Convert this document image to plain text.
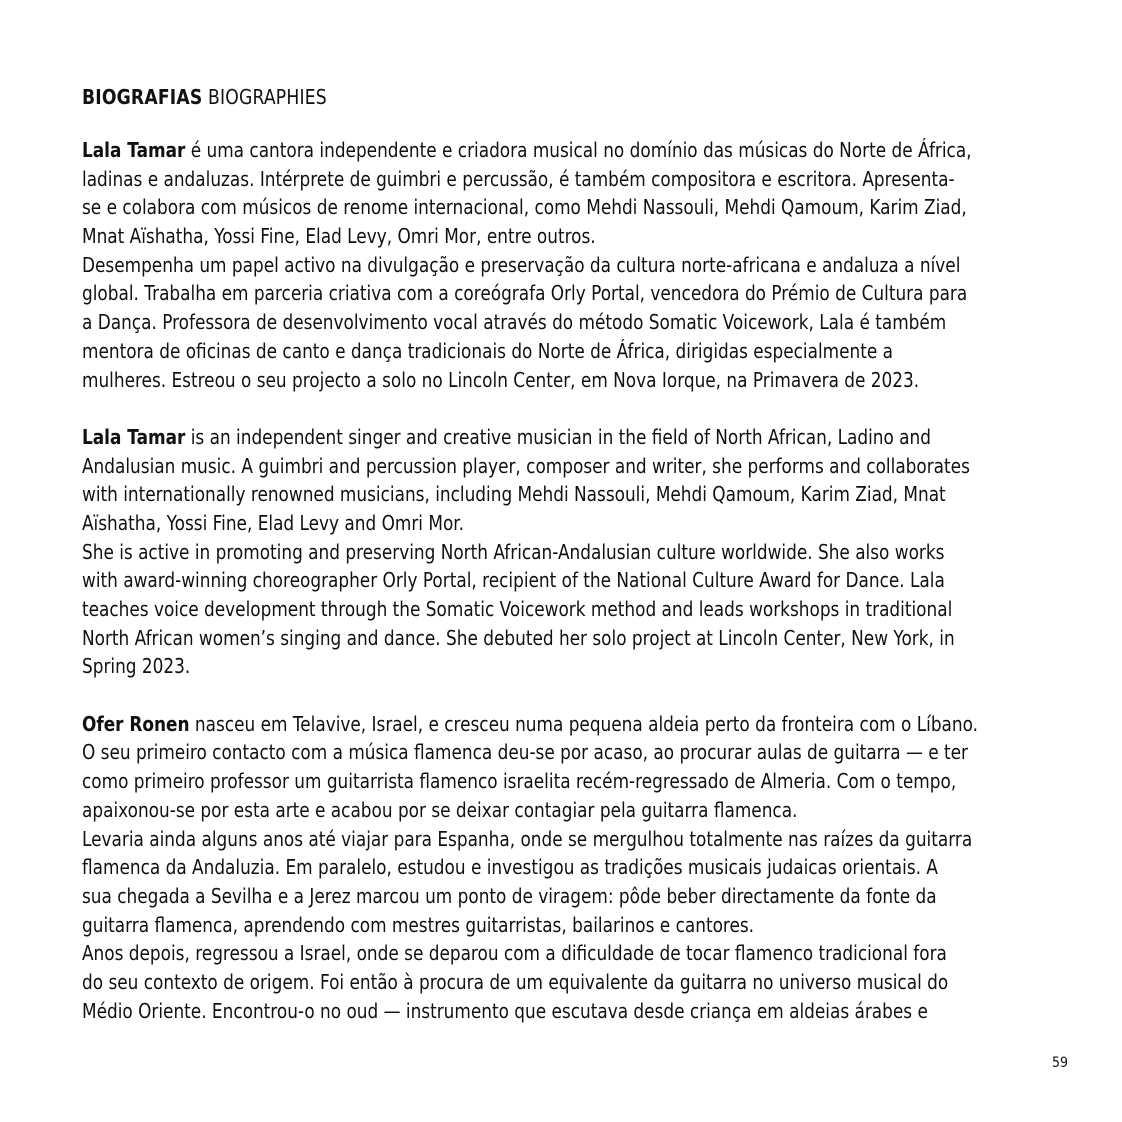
BIOGRAFIAS BIOGRAPHIES
Lala Tamar é uma cantora independente e criadora musical no domínio das músicas do Norte de África,
ladinas e andaluzas. Intérprete de guimbri e percussão, é também compositora e escritora. Apresenta-
se e colabora com músicos de renome internacional, como Mehdi Nassouli, Mehdi Qamoum, Karim Ziad,
Mnat Aïshatha, Yossi Fine, Elad Levy, Omri Mor, entre outros.
Desempenha um papel activo na divulgação e preservação da cultura norte-africana e andaluza a nível
global. Trabalha em parceria criativa com a coreógrafa Orly Portal, vencedora do Prémio de Cultura para
a Dança. Professora de desenvolvimento vocal através do método Somatic Voicework, Lala é também
mentora de oficinas de canto e dança tradicionais do Norte de África, dirigidas especialmente a
mulheres. Estreou o seu projecto a solo no Lincoln Center, em Nova Iorque, na Primavera de 2023.
Lala Tamar is an independent singer and creative musician in the field of North African, Ladino and
Andalusian music. A guimbri and percussion player, composer and writer, she performs and collaborates
with internationally renowned musicians, including Mehdi Nassouli, Mehdi Qamoum, Karim Ziad, Mnat
Aïshatha, Yossi Fine, Elad Levy and Omri Mor.
She is active in promoting and preserving North African-Andalusian culture worldwide. She also works
with award-winning choreographer Orly Portal, recipient of the National Culture Award for Dance. Lala
teaches voice development through the Somatic Voicework method and leads workshops in traditional
North African women’s singing and dance. She debuted her solo project at Lincoln Center, New York, in
Spring 2023.
Ofer Ronen nasceu em Telavive, Israel, e cresceu numa pequena aldeia perto da fronteira com o Líbano.
O seu primeiro contacto com a música flamenca deu-se por acaso, ao procurar aulas de guitarra — e ter
como primeiro professor um guitarrista flamenco israelita recém-regressado de Almeria. Com o tempo,
apaixonou-se por esta arte e acabou por se deixar contagiar pela guitarra flamenca.
Levaria ainda alguns anos até viajar para Espanha, onde se mergulhou totalmente nas raízes da guitarra
flamenca da Andaluzia. Em paralelo, estudou e investigou as tradições musicais judaicas orientais. A
sua chegada a Sevilha e a Jerez marcou um ponto de viragem: pôde beber directamente da fonte da
guitarra flamenca, aprendendo com mestres guitarristas, bailarinos e cantores.
Anos depois, regressou a Israel, onde se deparou com a dificuldade de tocar flamenco tradicional fora
do seu contexto de origem. Foi então à procura de um equivalente da guitarra no universo musical do
Médio Oriente. Encontrou-o no oud — instrumento que escutava desde criança em aldeias árabes e
59
